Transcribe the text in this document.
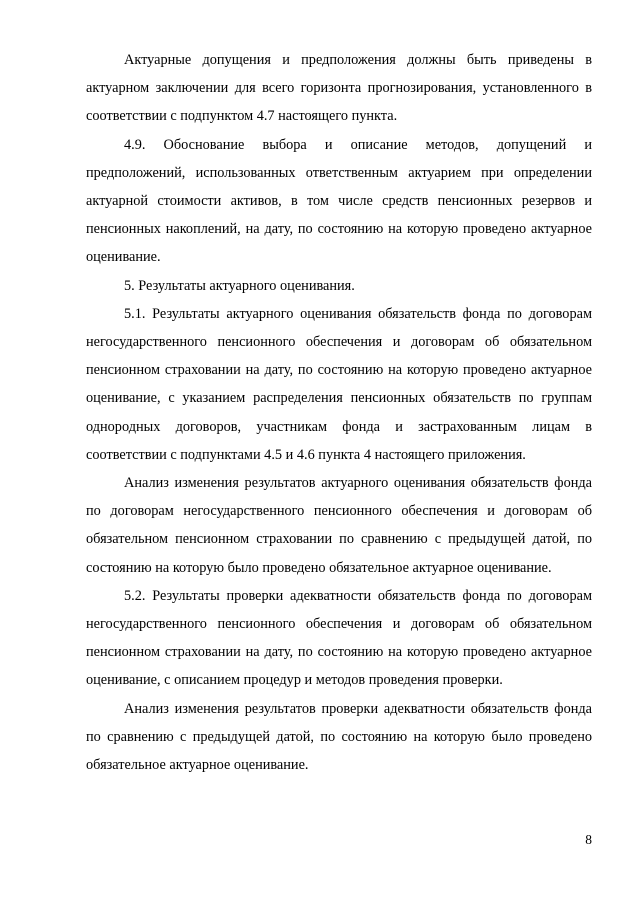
Актуарные допущения и предположения должны быть приведены в актуарном заключении для всего горизонта прогнозирования, установленного в соответствии с подпунктом 4.7 настоящего пункта.

4.9. Обоснование выбора и описание методов, допущений и предположений, использованных ответственным актуарием при определении актуарной стоимости активов, в том числе средств пенсионных резервов и пенсионных накоплений, на дату, по состоянию на которую проведено актуарное оценивание.

5. Результаты актуарного оценивания.

5.1. Результаты актуарного оценивания обязательств фонда по договорам негосударственного пенсионного обеспечения и договорам об обязательном пенсионном страховании на дату, по состоянию на которую проведено актуарное оценивание, с указанием распределения пенсионных обязательств по группам однородных договоров, участникам фонда и застрахованным лицам в соответствии с подпунктами 4.5 и 4.6 пункта 4 настоящего приложения.

Анализ изменения результатов актуарного оценивания обязательств фонда по договорам негосударственного пенсионного обеспечения и договорам об обязательном пенсионном страховании по сравнению с предыдущей датой, по состоянию на которую было проведено обязательное актуарное оценивание.

5.2. Результаты проверки адекватности обязательств фонда по договорам негосударственного пенсионного обеспечения и договорам об обязательном пенсионном страховании на дату, по состоянию на которую проведено актуарное оценивание, с описанием процедур и методов проведения проверки.

Анализ изменения результатов проверки адекватности обязательств фонда по сравнению с предыдущей датой, по состоянию на которую было проведено обязательное актуарное оценивание.

8
